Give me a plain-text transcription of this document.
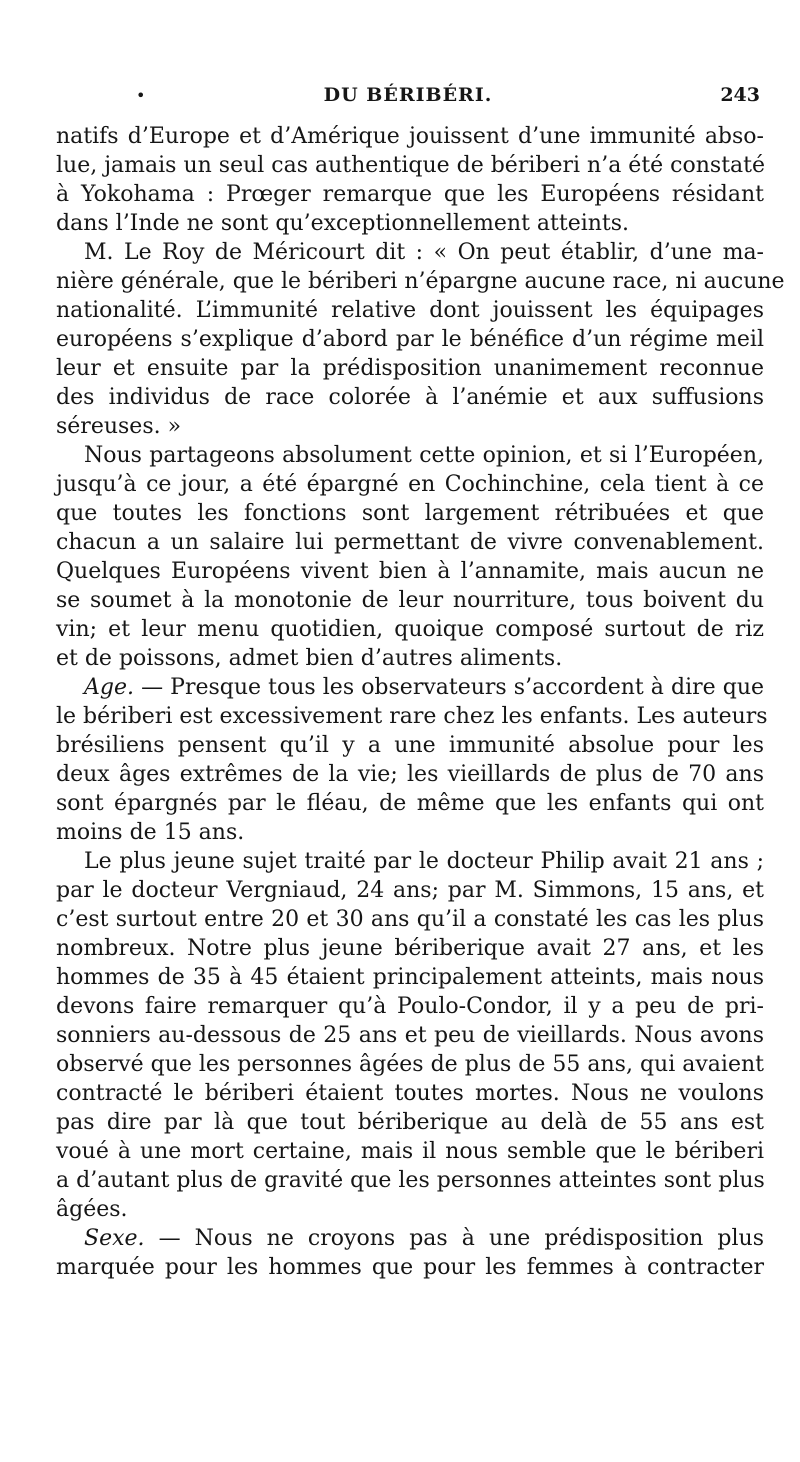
•	DU BÉRIBÉRI.	243
natifs d’Europe et d’Amérique jouissent d’une immunité abso-
lue, jamais un seul cas authentique de bériberi n’a été constaté
à Yokohama : Prœger remarque que les Européens résidant
dans l’Inde ne sont qu’exceptionnellement atteints.
M. Le Roy de Méricourt dit : « On peut établir, d’une ma-
nière générale, que le bériberi n’épargne aucune race, ni aucune
nationalité. L’immunité relative dont jouissent les équipages
européens s’explique d’abord par le bénéfice d’un régime meil
leur et ensuite par la prédisposition unanimement reconnue
des individus de race colorée à l’anémie et aux suffusions
séreuses. »
Nous partageons absolument cette opinion, et si l’Européen,
jusqu’à ce jour, a été épargné en Cochinchine, cela tient à ce
que toutes les fonctions sont largement rétribuées et que
chacun a un salaire lui permettant de vivre convenablement.
Quelques Européens vivent bien à l’annamite, mais aucun ne
se soumet à la monotonie de leur nourriture, tous boivent du
vin; et leur menu quotidien, quoique composé surtout de riz
et de poissons, admet bien d’autres aliments.
Age. — Presque tous les observateurs s’accordent à dire que
le bériberi est excessivement rare chez les enfants. Les auteurs
brésiliens pensent qu’il y a une immunité absolue pour les
deux âges extrêmes de la vie; les vieillards de plus de 70 ans
sont épargnés par le fléau, de même que les enfants qui ont
moins de 15 ans.
Le plus jeune sujet traité par le docteur Philip avait 21 ans ;
par le docteur Vergniaud, 24 ans; par M. Simmons, 15 ans, et
c’est surtout entre 20 et 30 ans qu’il a constaté les cas les plus
nombreux. Notre plus jeune bériberique avait 27 ans, et les
hommes de 35 à 45 étaient principalement atteints, mais nous
devons faire remarquer qu’à Poulo-Condor, il y a peu de pri-
sonniers au-dessous de 25 ans et peu de vieillards. Nous avons
observé que les personnes âgées de plus de 55 ans, qui avaient
contracté le bériberi étaient toutes mortes. Nous ne voulons
pas dire par là que tout bériberique au delà de 55 ans est
voué à une mort certaine, mais il nous semble que le bériberi
a d’autant plus de gravité que les personnes atteintes sont plus
âgées.
Sexe. — Nous ne croyons pas à une prédisposition plus
marquée pour les hommes que pour les femmes à contracter
